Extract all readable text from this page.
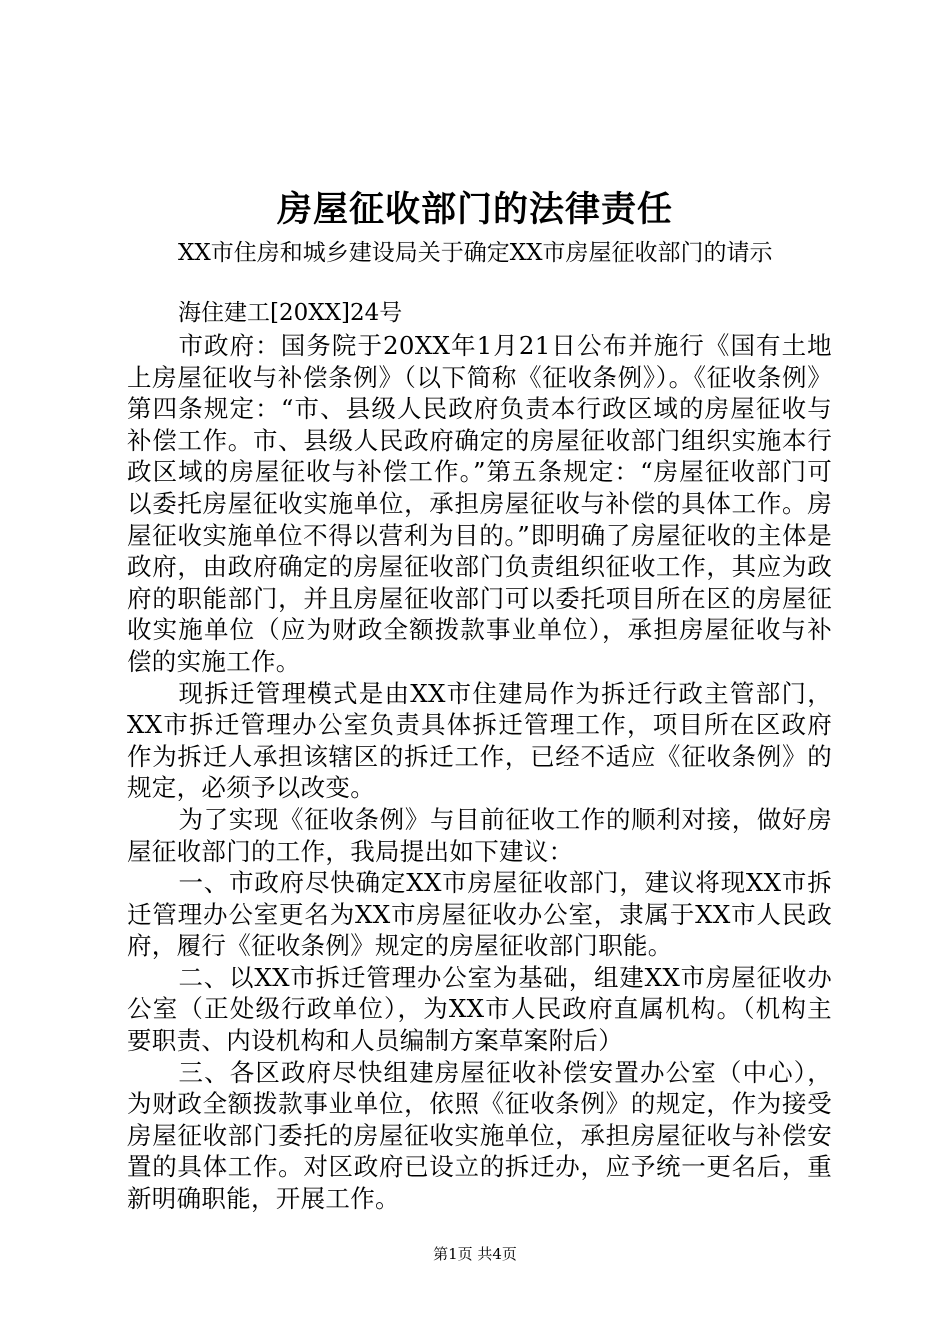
房屋征收部门的法律责任
XX市住房和城乡建设局关于确定XX市房屋征收部门的请示
海住建工[20XX]24号

市政府：国务院于20XX年1月21日公布并施行《国有土地上房屋征收与补偿条例》（以下简称《征收条例》）。《征收条例》第四条规定：“市、县级人民政府负责本行政区域的房屋征收与补偿工作。市、县级人民政府确定的房屋征收部门组织实施本行政区域的房屋征收与补偿工作。”第五条规定：“房屋征收部门可以委托房屋征收实施单位，承担房屋征收与补偿的具体工作。房屋征收实施单位不得以营利为目的。”即明确了房屋征收的主体是政府，由政府确定的房屋征收部门负责组织征收工作，其应为政府的职能部门，并且房屋征收部门可以委托项目所在区的房屋征收实施单位（应为财政全额拨款事业单位），承担房屋征收与补偿的实施工作。

现拆迁管理模式是由XX市住建局作为拆迁行政主管部门，XX市拆迁管理办公室负责具体拆迁管理工作，项目所在区政府作为拆迁人承担该辖区的拆迁工作，已经不适应《征收条例》的规定，必须予以改变。

为了实现《征收条例》与目前征收工作的顺利对接，做好房屋征收部门的工作，我局提出如下建议：

一、市政府尽快确定XX市房屋征收部门，建议将现XX市拆迁管理办公室更名为XX市房屋征收办公室，隶属于XX市人民政府，履行《征收条例》规定的房屋征收部门职能。

二、以XX市拆迁管理办公室为基础，组建XX市房屋征收办公室（正处级行政单位），为XX市人民政府直属机构。（机构主要职责、内设机构和人员编制方案草案附后）

三、各区政府尽快组建房屋征收补偿安置办公室（中心），为财政全额拨款事业单位，依照《征收条例》的规定，作为接受房屋征收部门委托的房屋征收实施单位，承担房屋征收与补偿安置的具体工作。对区政府已设立的拆迁办，应予统一更名后，重新明确职能，开展工作。

第1页 共4页
